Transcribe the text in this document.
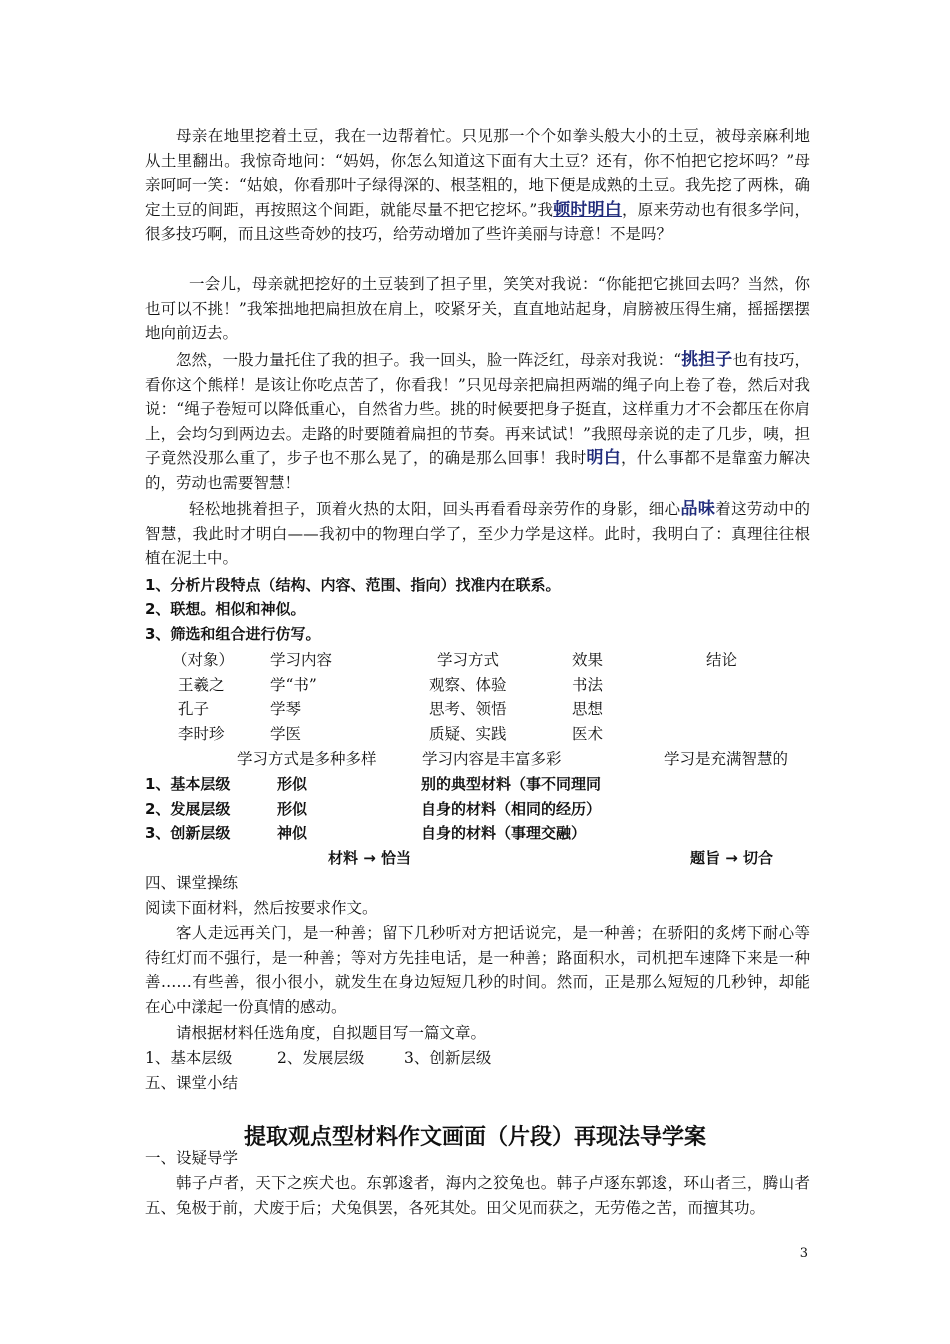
母亲在地里挖着土豆，我在一边帮着忙。只见那一个个如拳头般大小的土豆，被母亲麻利地从土里翻出。我惊奇地问：“妈妈，你怎么知道这下面有大土豆？还有，你不怕把它挖坏吗？”母亲呵呵一笑：“姑娘，你看那叶子绿得深的、根茎粗的，地下便是成熟的土豆。我先挖了两株，确定土豆的间距，再按照这个间距，就能尽量不把它挖坏。”我顿时明白，原来劳动也有很多学问，很多技巧啊，而且这些奇妙的技巧，给劳动增加了些许美丽与诗意！不是吗？
一会儿，母亲就把挖好的土豆装到了担子里，笑笑对我说：“你能把它挑回去吗？当然，你也可以不挑！”我笨拙地把扁担放在肩上，咬紧牙关，直直地站起身，肩膀被压得生痛，摇摇摆摆地向前迈去。
忽然，一股力量托住了我的担子。我一回头，脸一阵泛红，母亲对我说：“挑担子也有技巧，看你这个熊样！是该让你吃点苦了，你看我！”只见母亲把扁担两端的绳子向上卷了卷，然后对我说：“绳子卷短可以降低重心，自然省力些。挑的时候要把身子挺直，这样重力才不会都压在你肩上，会均匀到两边去。走路的时要随着扁担的节奏。再来试试！”我照母亲说的走了几步，咦，担子竟然没那么重了，步子也不那么晃了，的确是那么回事！我时明白，什么事都不是靠蛮力解决的，劳动也需要智慧！
轻松地挑着担子，顶着火热的太阳，回头再看看母亲劳作的身影，细心品味着这劳动中的智慧，我此时才明白——我初中的物理白学了，至少力学是这样。此时，我明白了：真理往往根植在泥土中。
1、分析片段特点（结构、内容、范围、指向）找准内在联系。
2、联想。相似和神似。
3、筛选和组合进行仿写。
（对象） 学习内容	学习方式	效果	结论
王羲之	学“书”	观察、体验	书法
孔子	学琴	思考、领悟	思想
李时珍	学医	质疑、实践	医术
学习方式是多种多样	学习内容是丰富多彩	学习是充满智慧的
1、基本层级	形似	别的典型材料（事不同理同
2、发展层级	形似	自身的材料（相同的经历）
3、创新层级	神似	自身的材料（事理交融）
材料 → 恰当	题旨 → 切合
四、课堂操练
阅读下面材料，然后按要求作文。
客人走远再关门，是一种善；留下几秒听对方把话说完，是一种善；在骄阳的炙烤下耐心等待红灯而不强行，是一种善；等对方先挂电话，是一种善；路面积水，司机把车速降下来是一种善……有些善，很小很小，就发生在身边短短几秒的时间。然而，正是那么短短的几秒钟，却能在心中漾起一份真情的感动。
请根据材料任选角度，自拟题目写一篇文章。
1、基本层级	2、发展层级	3、创新层级
五、课堂小结
提取观点型材料作文画面（片段）再现法导学案
一、设疑导学
韩子卢者，天下之疾犬也。东郭逡者，海内之狡兔也。韩子卢逐东郭逡，环山者三，腾山者五、兔极于前，犬废于后；犬兔俱罢，各死其处。田父见而获之，无劳倦之苦，而擅其功。
3
